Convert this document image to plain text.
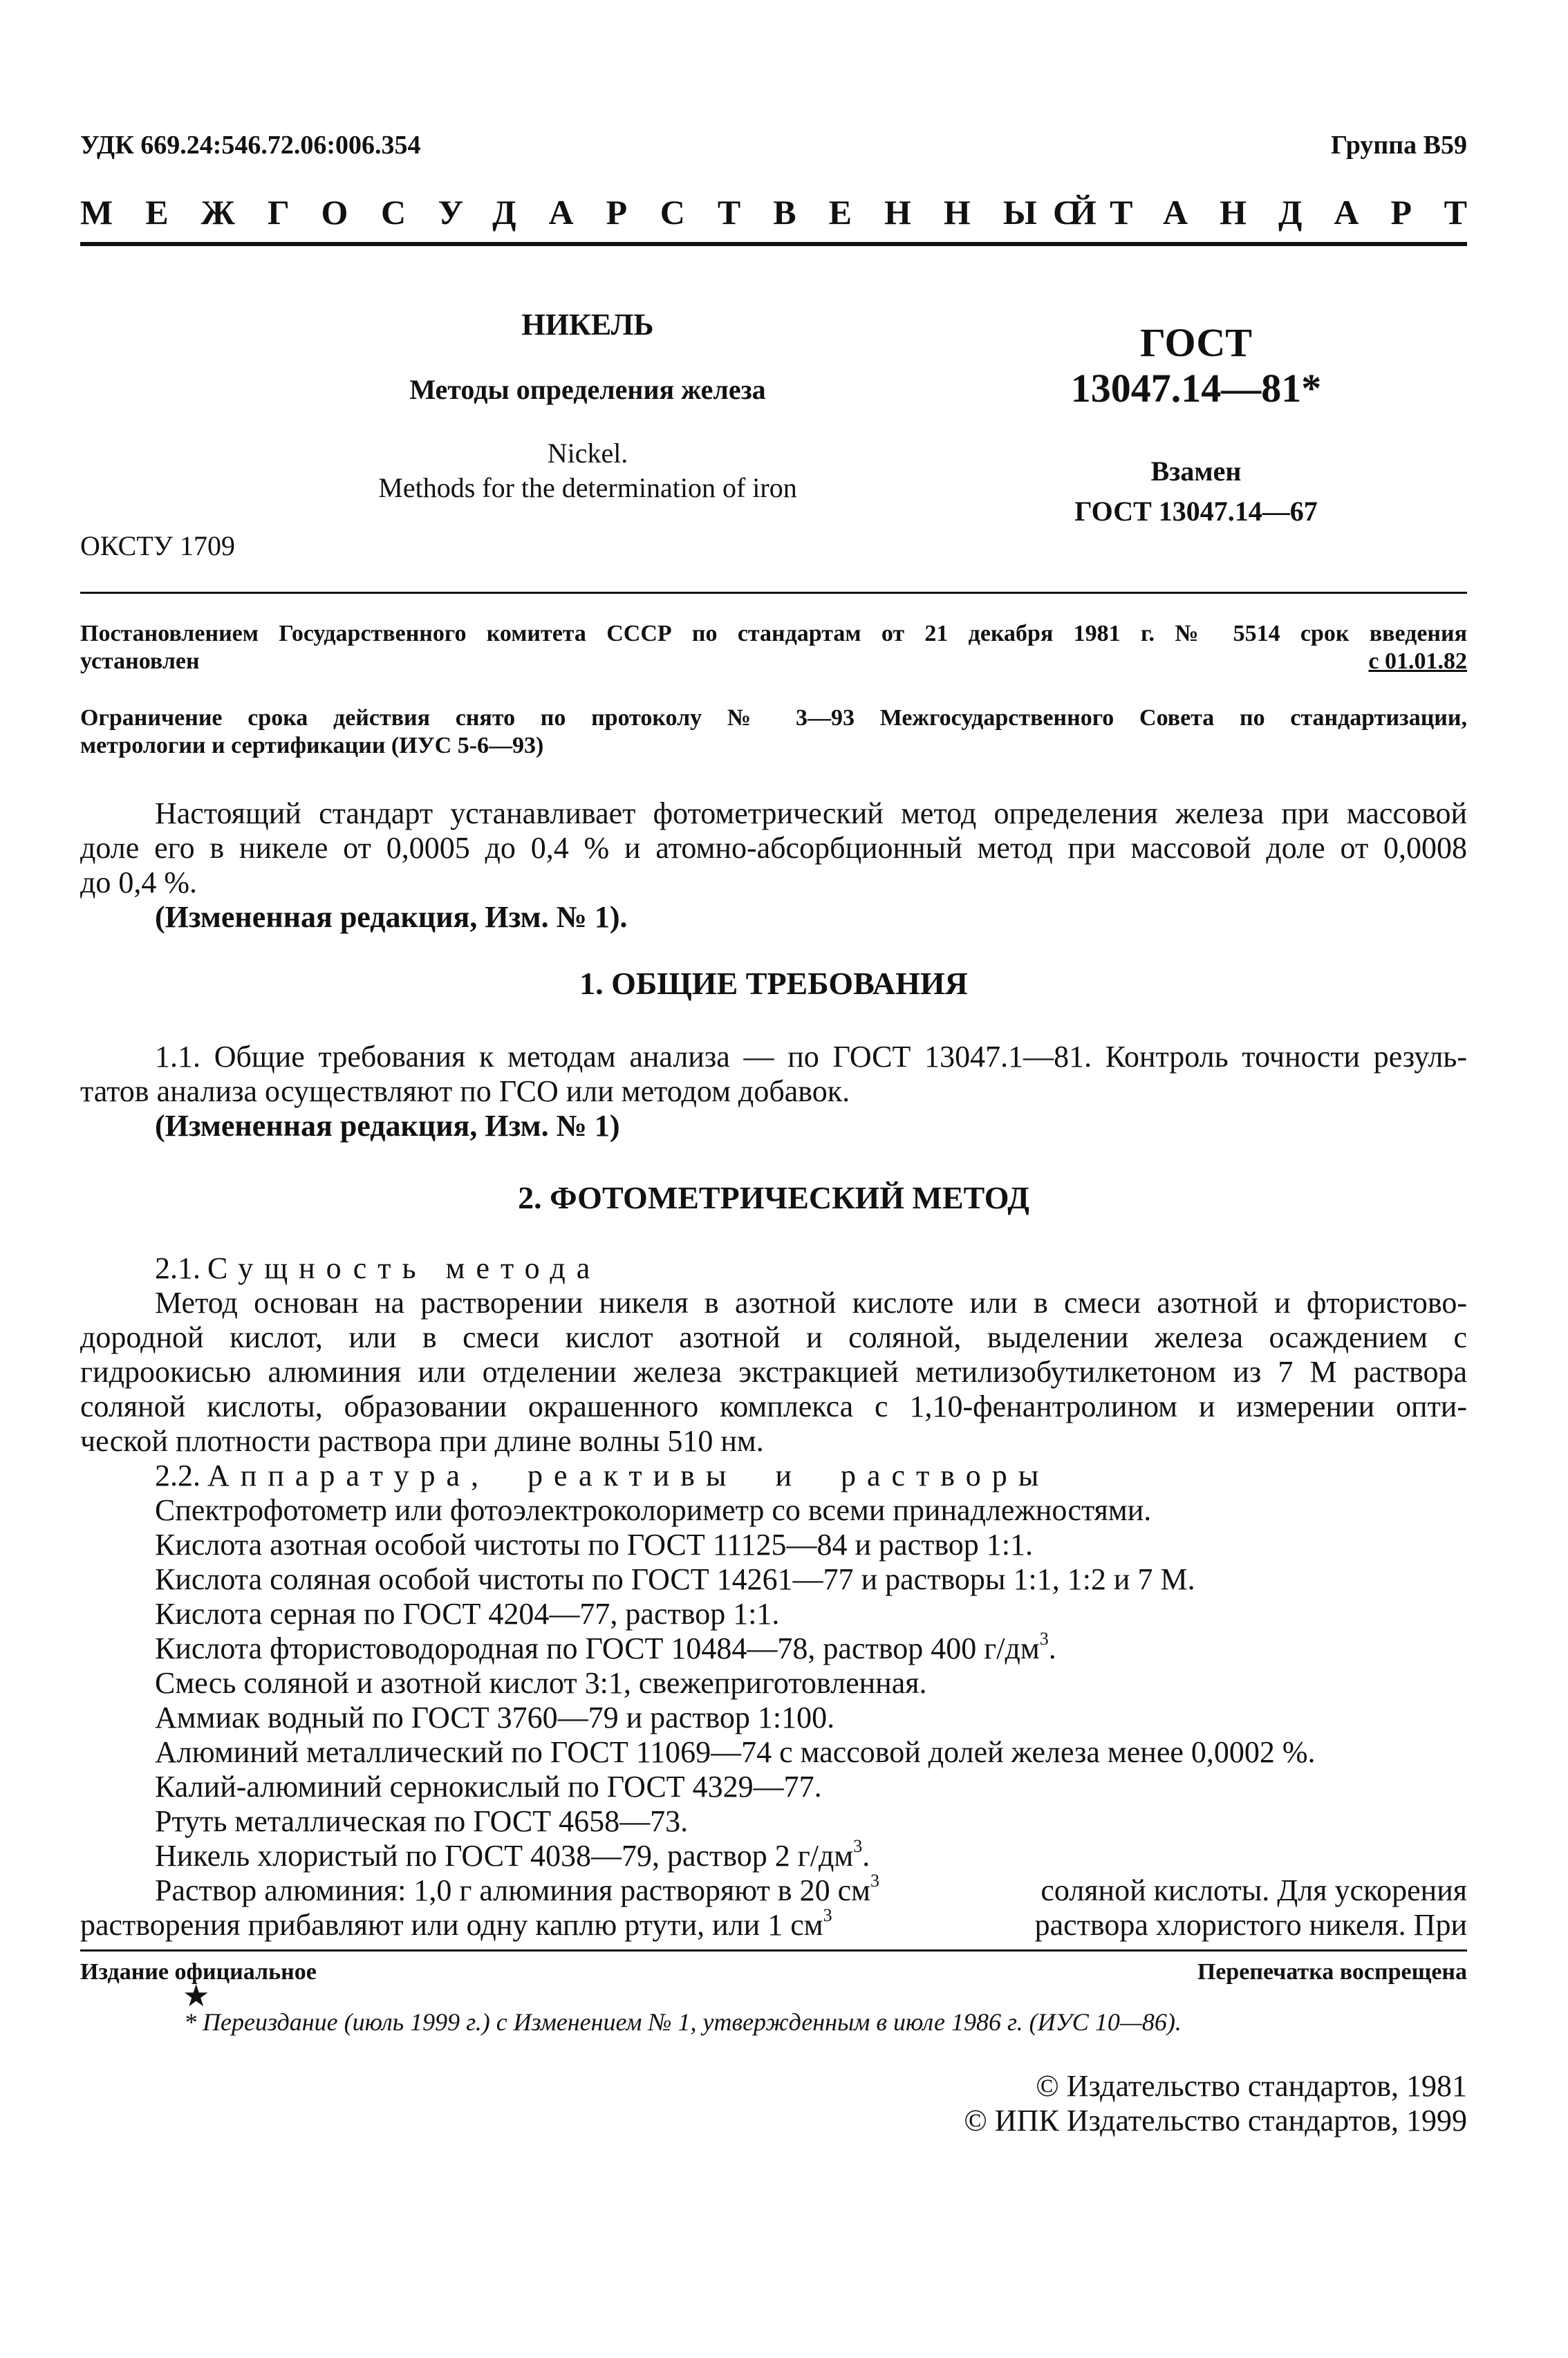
УДК 669.24:546.72.06:006.354	Группа В59
МЕЖГОСУДАРСТВЕННЫЙ
СТАНДАРТ
НИКЕЛЬ
Методы определения железа
Nickel.
Methods for the determination of iron
ГОСТ
13047.14—81*
Взамен
ГОСТ 13047.14—67
ОКСТУ 1709
Постановлением Государственного комитета СССР по стандартам от 21 декабря 1981 г. № 5514 срок введения
установлен	с 01.01.82
Ограничение срока действия снято по протоколу № 3—93 Межгосударственного Совета по стандартизации,
метрологии и сертификации (ИУС 5-6—93)
Настоящий стандарт устанавливает фотометрический метод определения железа при массовой
доле его в никеле от 0,0005 до 0,4 % и атомно-абсорбционный метод при массовой доле от 0,0008
до 0,4 %.
(Измененная редакция, Изм. № 1).
1. ОБЩИЕ ТРЕБОВАНИЯ
1.1. Общие требования к методам анализа — по ГОСТ 13047.1—81. Контроль точности резуль-
татов анализа осуществляют по ГСО или методом добавок.
(Измененная редакция, Изм. № 1)
2. ФОТОМЕТРИЧЕСКИЙ МЕТОД
2.1. Сущность метода
Метод основан на растворении никеля в азотной кислоте или в смеси азотной и фтористово-
дородной кислот, или в смеси кислот азотной и соляной, выделении железа осаждением с
гидроокисью алюминия или отделении железа экстракцией метилизобутилкетоном из 7 М раствора
соляной кислоты, образовании окрашенного комплекса с 1,10-фенантролином и измерении опти-
ческой плотности раствора при длине волны 510 нм.
2.2. Аппаратура, реактивы и растворы
Спектрофотометр или фотоэлектроколориметр со всеми принадлежностями.
Кислота азотная особой чистоты по ГОСТ 11125—84 и раствор 1:1.
Кислота соляная особой чистоты по ГОСТ 14261—77 и растворы 1:1, 1:2 и 7 М.
Кислота серная по ГОСТ 4204—77, раствор 1:1.
Кислота фтористоводородная по ГОСТ 10484—78, раствор 400 $г/дм^3$.
Смесь соляной и азотной кислот 3:1, свежеприготовленная.
Аммиак водный по ГОСТ 3760—79 и раствор 1:100.
Алюминий металлический по ГОСТ 11069—74 с массовой долей железа менее 0,0002 %.
Калий-алюминий сернокислый по ГОСТ 4329—77.
Ртуть металлическая по ГОСТ 4658—73.
Никель хлористый по ГОСТ 4038—79, раствор 2 $г/дм^3$.
Раствор алюминия: 1,0 г алюминия растворяют в 20 $см^3$	соляной кислоты. Для ускорения
растворения прибавляют или одну каплю ртути, или 1 $см^3$	раствора хлористого никеля. При
Издание официальное	Перепечатка воспрещена
★
* Переиздание (июль 1999 г.) с Изменением № 1, утвержденным в июле 1986 г. (ИУС 10—86).
© Издательство стандартов, 1981
© ИПК Издательство стандартов, 1999
